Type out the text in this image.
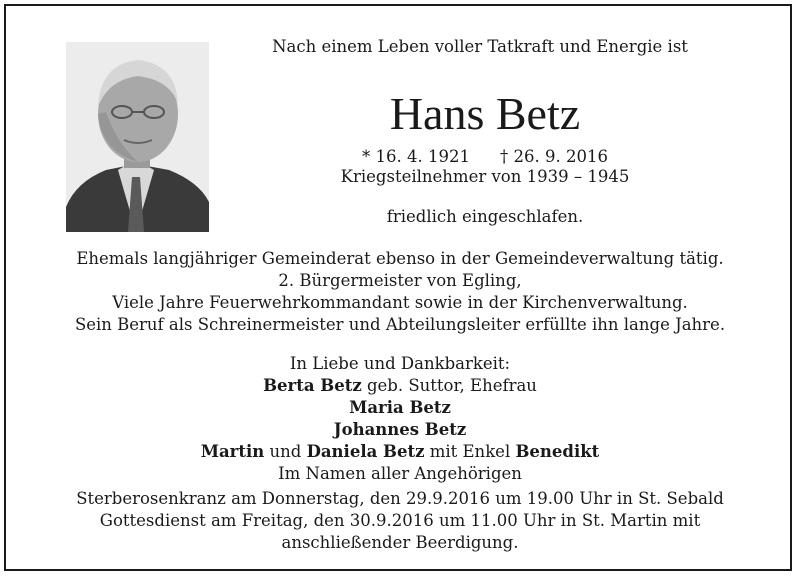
Nach einem Leben voller Tatkraft und Energie ist
Hans Betz
* 16. 4. 1921 † 26. 9. 2016
Kriegsteilnehmer von 1939 – 1945
friedlich eingeschlafen.
Ehemals langjähriger Gemeinderat ebenso in der Gemeindeverwaltung tätig.
2. Bürgermeister von Egling,
Viele Jahre Feuerwehrkommandant sowie in der Kirchenverwaltung.
Sein Beruf als Schreinermeister und Abteilungsleiter erfüllte ihn lange Jahre.
In Liebe und Dankbarkeit:
Berta Betz geb. Suttor, Ehefrau
Maria Betz
Johannes Betz
Martin und Daniela Betz mit Enkel Benedikt
Im Namen aller Angehörigen
Sterberosenkranz am Donnerstag, den 29.9.2016 um 19.00 Uhr in St. Sebald
Gottesdienst am Freitag, den 30.9.2016 um 11.00 Uhr in St. Martin mit
anschließender Beerdigung.
